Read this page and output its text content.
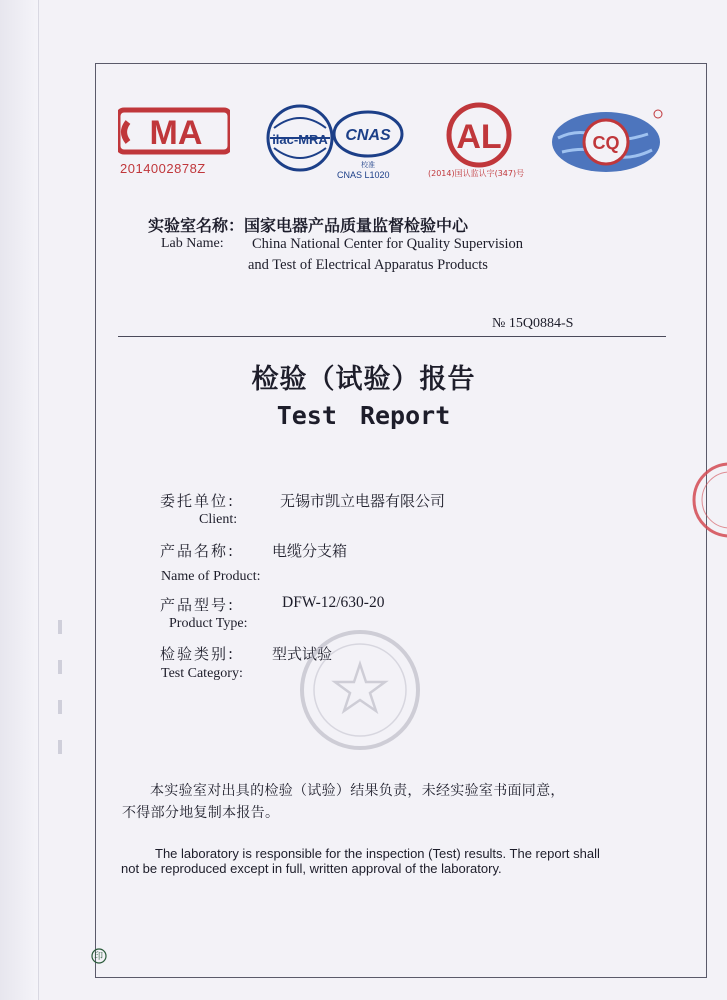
MA
2014002878Z
ilac-MRA CNAS
校准
CNAS L1020
AL
(2014)国认监认字(347)号
CQ
实验室名称：国家电器产品质量监督检验中心
Lab Name: China National Center for Quality Supervision
and Test of Electrical Apparatus Products
№ 15Q0884-S
检验（试验）报告
Test Report
委托单位:	无锡市凯立电器有限公司
Client:
产品名称: 电缆分支箱
Name of Product:
产品型号:	DFW-12/630-20
Product Type:
检验类别: 型式试验
Test Category:
本实验室对出具的检验（试验）结果负责，未经实验室书面同意，
不得部分地复制本报告。
The laboratory is responsible for the inspection (Test) results. The report shall
not be reproduced except in full, written approval of the laboratory.
印
